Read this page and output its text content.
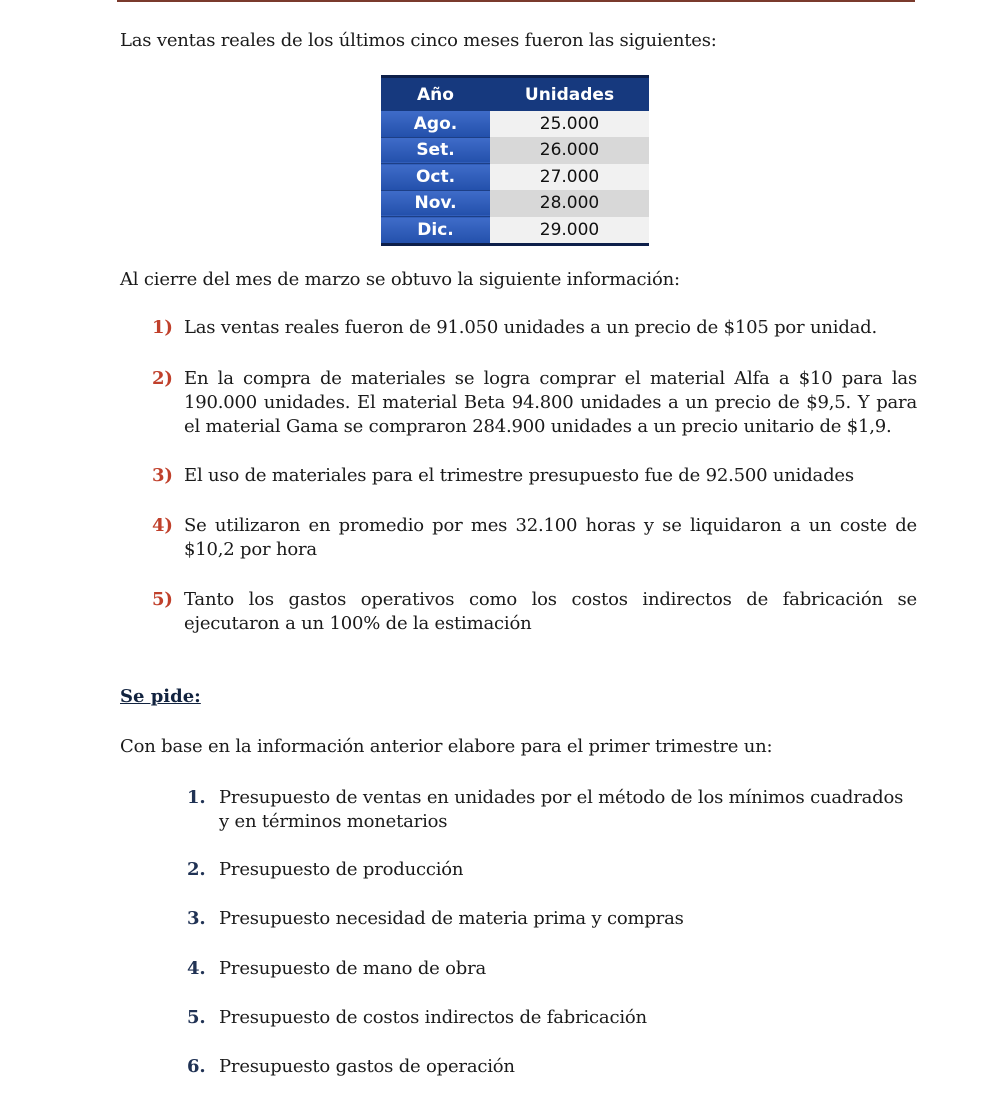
Las ventas reales de los últimos cinco meses fueron las siguientes:
Año	Unidades
Ago.	25.000
Set.	26.000
Oct.	27.000
Nov.	28.000
Dic.	29.000
Al cierre del mes de marzo se obtuvo la siguiente información:
1) Las ventas reales fueron de 91.050 unidades a un precio de $105 por unidad.
2) En la compra de materiales se logra comprar el material Alfa a $10 para las 190.000 unidades. El material Beta 94.800 unidades a un precio de $9,5. Y para el material Gama se compraron 284.900 unidades a un precio unitario de $1,9.
3) El uso de materiales para el trimestre presupuesto fue de 92.500 unidades
4) Se utilizaron en promedio por mes 32.100 horas y se liquidaron a un coste de $10,2 por hora
5) Tanto los gastos operativos como los costos indirectos de fabricación se ejecutaron a un 100% de la estimación
Se pide:
Con base en la información anterior elabore para el primer trimestre un:
1. Presupuesto de ventas en unidades por el método de los mínimos cuadrados y en términos monetarios
2. Presupuesto de producción
3. Presupuesto necesidad de materia prima y compras
4. Presupuesto de mano de obra
5. Presupuesto de costos indirectos de fabricación
6. Presupuesto gastos de operación
